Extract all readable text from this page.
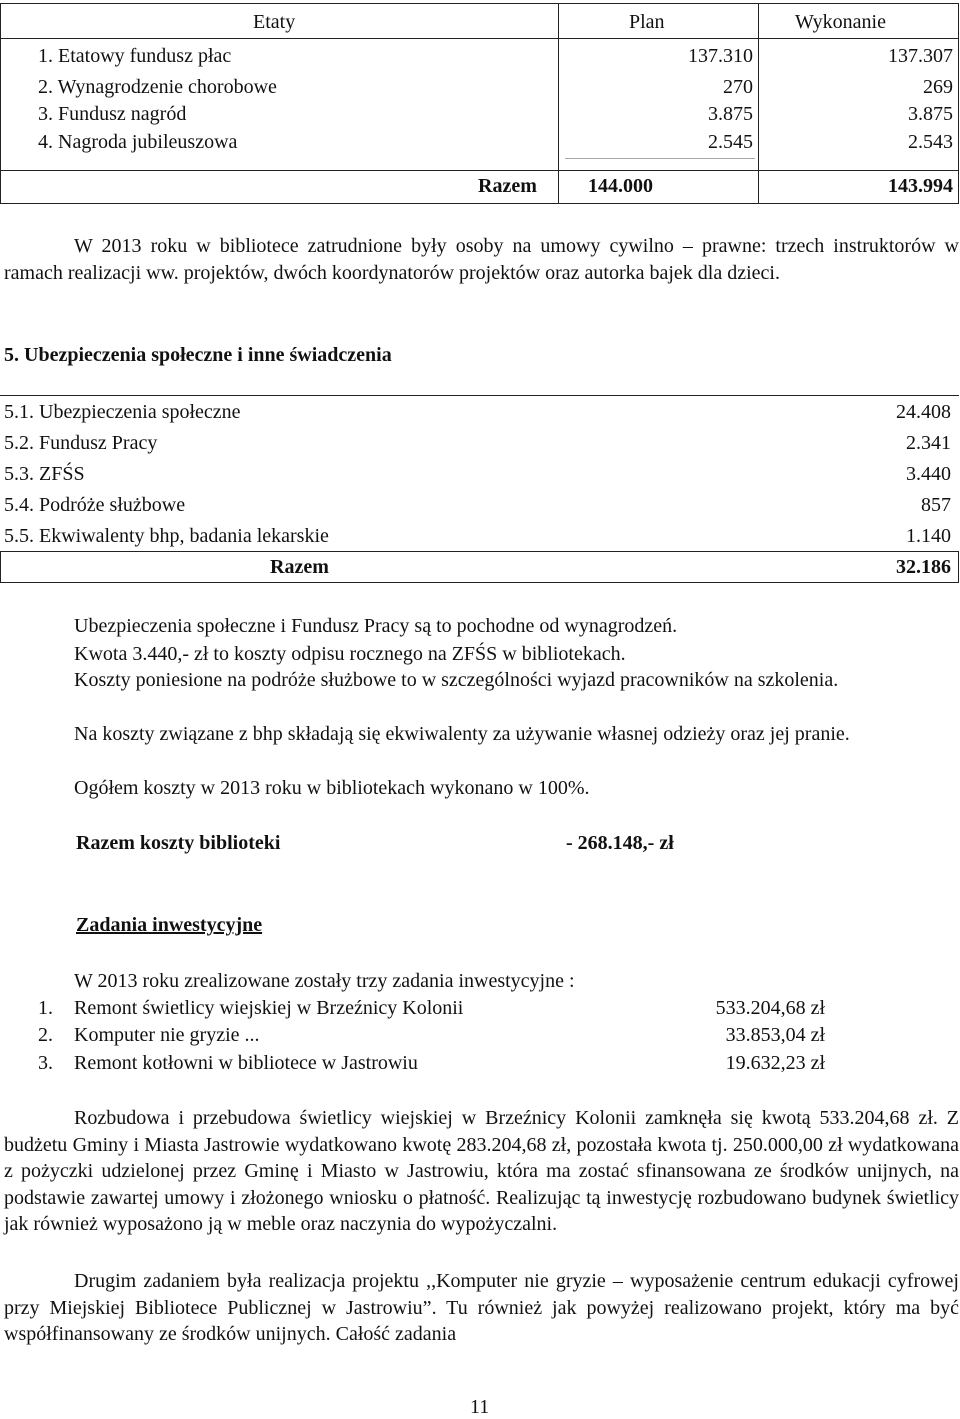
Etaty	Plan	Wykonanie
1. Etatowy fundusz płac	137.310	137.307
2. Wynagrodzenie chorobowe	270	269
3. Fundusz nagród	3.875	3.875
4. Nagroda jubileuszowa	2.545	2.543
Razem	144.000	143.994
W 2013 roku w bibliotece zatrudnione były osoby na umowy cywilno – prawne: trzech instruktorów w ramach realizacji ww. projektów, dwóch koordynatorów projektów oraz autorka bajek dla dzieci.
5. Ubezpieczenia społeczne i inne świadczenia
5.1. Ubezpieczenia społeczne	24.408
5.2. Fundusz Pracy	2.341
5.3. ZFŚS	3.440
5.4. Podróże służbowe	857
5.5. Ekwiwalenty bhp, badania lekarskie	1.140
Razem	32.186
Ubezpieczenia społeczne i Fundusz Pracy są to pochodne od wynagrodzeń.
Kwota 3.440,- zł to koszty odpisu rocznego na ZFŚS w bibliotekach.
Koszty poniesione na podróże służbowe to w szczególności wyjazd pracowników na szkolenia.
Na koszty związane z bhp składają się ekwiwalenty za używanie własnej odzieży oraz jej pranie.
Ogółem koszty w 2013 roku w bibliotekach wykonano w 100%.
Razem koszty biblioteki	- 268.148,- zł
Zadania inwestycyjne
W 2013 roku zrealizowane zostały trzy zadania inwestycyjne :
1. Remont świetlicy wiejskiej w Brzeźnicy Kolonii	533.204,68 zł
2. Komputer nie gryzie ...	33.853,04 zł
3. Remont kotłowni w bibliotece w Jastrowiu	19.632,23 zł
Rozbudowa i przebudowa świetlicy wiejskiej w Brzeźnicy Kolonii zamknęła się kwotą 533.204,68 zł. Z budżetu Gminy i Miasta Jastrowie wydatkowano kwotę 283.204,68 zł, pozostała kwota tj. 250.000,00 zł wydatkowana z pożyczki udzielonej przez Gminę i Miasto w Jastrowiu, która ma zostać sfinansowana ze środków unijnych, na podstawie zawartej umowy i złożonego wniosku o płatność. Realizując tą inwestycję rozbudowano budynek świetlicy jak również wyposażono ją w meble oraz naczynia do wypożyczalni.
Drugim zadaniem była realizacja projektu ,,Komputer nie gryzie – wyposażenie centrum edukacji cyfrowej przy Miejskiej Bibliotece Publicznej w Jastrowiu”. Tu również jak powyżej realizowano projekt, który ma być współfinansowany ze środków unijnych. Całość zadania
11
